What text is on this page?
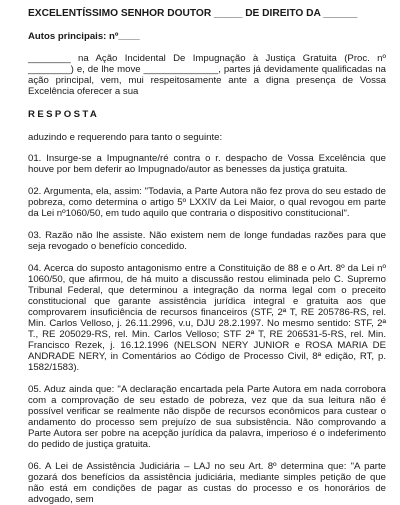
EXCELENTÍSSIMO SENHOR DOUTOR _____ DE DIREITO DA ______
Autos principais: nº____

________ na Ação Incidental De Impugnação à Justiça Gratuita (Proc. nº ________) e, de lhe move ______________, partes já devidamente qualificadas na ação principal, vem, mui respeitosamente ante a digna presença de Vossa Excelência oferecer a sua

RESPOSTA

aduzindo e requerendo para tanto o seguinte:

01. Insurge-se a Impugnante/ré contra o r. despacho de Vossa Excelência que houve por bem deferir ao Impugnado/autor as benesses da justiça gratuita.

02. Argumenta, ela, assim: "Todavia, a Parte Autora não fez prova do seu estado de pobreza, como determina o artigo 5º LXXIV da Lei Maior, o qual revogou em parte da Lei nº1060/50, em tudo aquilo que contraria o dispositivo constitucional".

03. Razão não lhe assiste. Não existem nem de longe fundadas razões para que seja revogado o benefício concedido.

04. Acerca do suposto antagonismo entre a Constituição de 88 e o Art. 8º da Lei nº 1060/50, que afirmou, de há muito a discussão restou eliminada pelo C. Supremo Tribunal Federal, que determinou a integração da norma legal com o preceito constitucional que garante assistência jurídica integral e gratuita aos que comprovarem insuficiência de recursos financeiros (STF, 2ª T, RE 205786-RS, rel. Min. Carlos Velloso, j. 26.11.2996, v.u, DJU 28.2.1997. No mesmo sentido: STF, 2ª T., RE 205029-RS, rel. Min. Carlos Velloso; STF 2ª T, RE 206531-5-RS, rel. Min. Francisco Rezek, j. 16.12.1996 (NELSON NERY JUNIOR e ROSA MARIA DE ANDRADE NERY, in Comentários ao Código de Processo Civil, 8ª edição, RT, p. 1582/1583).

05. Aduz ainda que: "A declaração encartada pela Parte Autora em nada corrobora com a comprovação de seu estado de pobreza, vez que da sua leitura não é possível verificar se realmente não dispõe de recursos econômicos para custear o andamento do processo sem prejuízo de sua subsistência. Não comprovando a Parte Autora ser pobre na acepção jurídica da palavra, imperioso é o indeferimento do pedido de justiça gratuita.

06. A Lei de Assistência Judiciária – LAJ no seu Art. 8º determina que: "A parte gozará dos benefícios da assistência judiciária, mediante simples petição de que não está em condições de pagar as custas do processo e os honorários de advogado, sem
